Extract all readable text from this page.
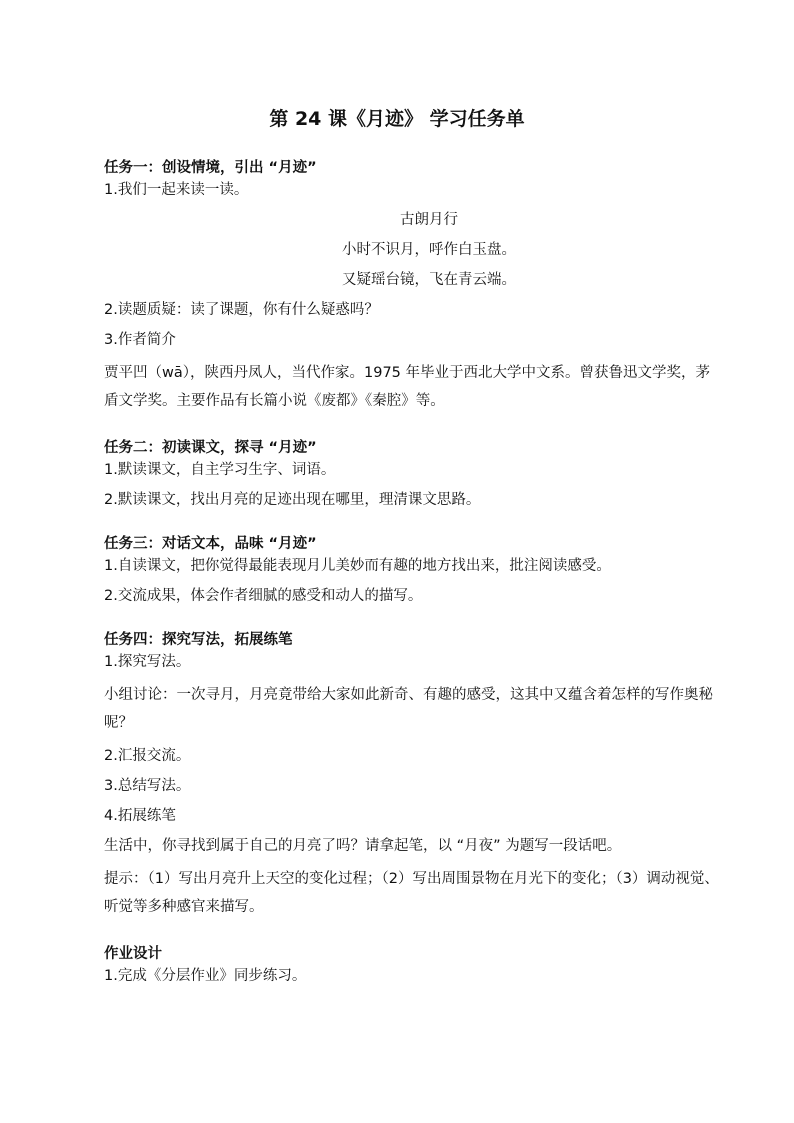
第 24 课《月迹》 学习任务单

任务一：创设情境，引出 “月迹”

1.我们一起来读一读。

古朗月行

小时不识月，呼作白玉盘。

又疑瑶台镜，飞在青云端。

2.读题质疑：读了课题，你有什么疑惑吗？

3.作者简介

贾平凹（wā），陕西丹凤人，当代作家。1975 年毕业于西北大学中文系。曾获鲁迅文学奖，茅盾文学奖。主要作品有长篇小说《废都》《秦腔》等。

任务二：初读课文，探寻 “月迹”

1.默读课文，自主学习生字、词语。

2.默读课文，找出月亮的足迹出现在哪里，理清课文思路。

任务三：对话文本，品味 “月迹”

1.自读课文，把你觉得最能表现月儿美妙而有趣的地方找出来，批注阅读感受。

2.交流成果，体会作者细腻的感受和动人的描写。

任务四：探究写法，拓展练笔

1.探究写法。

小组讨论：一次寻月，月亮竟带给大家如此新奇、有趣的感受，这其中又蕴含着怎样的写作奥秘呢？

2.汇报交流。

3.总结写法。

4.拓展练笔

生活中，你寻找到属于自己的月亮了吗？请拿起笔，以 “月夜” 为题写一段话吧。

提示：（1）写出月亮升上天空的变化过程；（2）写出周围景物在月光下的变化；（3）调动视觉、听觉等多种感官来描写。

作业设计

1.完成《分层作业》同步练习。
